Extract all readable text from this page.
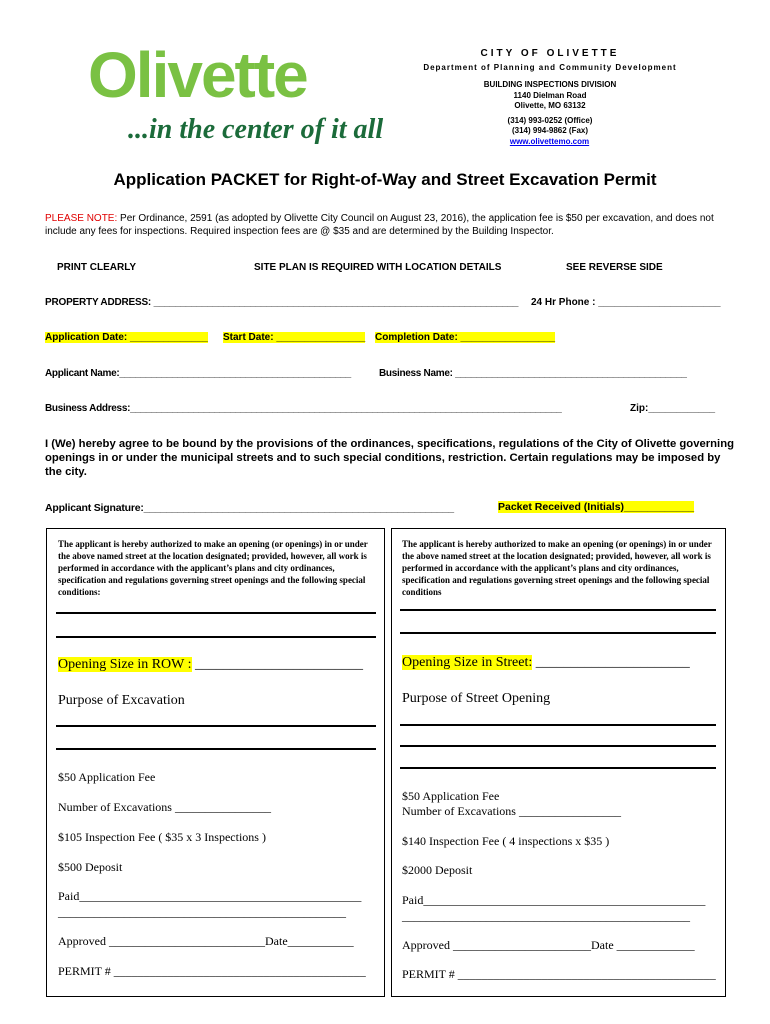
Olivette
...in the center of it all
CITY OF OLIVETTE
Department of Planning and Community Development
BUILDING INSPECTIONS DIVISION
1140 Dielman Road
Olivette, MO 63132
(314) 993-0252 (Office)
(314) 994-9862 (Fax)
www.olivettemo.com
Application PACKET for Right-of-Way and Street Excavation Permit
PLEASE NOTE: Per Ordinance, 2591 (as adopted by Olivette City Council on August 23, 2016), the application fee is $50 per excavation, and does not include any fees for inspections. Required inspection fees are @ $35 and are determined by the Building Inspector.
PRINT CLEARLY	SITE PLAN IS REQUIRED WITH LOCATION DETAILS	SEE REVERSE SIDE
PROPERTY ADDRESS: ____________________________________________________________________ 24 Hr Phone : ______________________
Application Date: ______________ Start Date: ________________ Completion Date: _________________
Applicant Name:____________________________________________	Business Name: ____________________________________________
Business Address:__________________________________________________________________________________	Zip:____________
I (We) hereby agree to be bound by the provisions of the ordinances, specifications, regulations of the City of Olivette governing openings in or under the municipal streets and to such special conditions, restriction. Certain regulations may be imposed by the city.
Applicant Signature:_______________________________________________________	Packet Received (Initials)____________
The applicant is hereby authorized to make an opening (or openings) in or under the above named street at the location designated; provided, however, all work is performed in accordance with the applicant’s plans and city ordinances, specification and regulations governing street openings and the following special conditions:
Opening Size in ROW : ________________________
Purpose of Excavation
$50 Application Fee
Number of Excavations ________________
$105 Inspection Fee ( $35 x 3 Inspections )
$500 Deposit
Paid_______________________________________________
________________________________________________
Approved __________________________Date___________
PERMIT # __________________________________________
The applicant is hereby authorized to make an opening (or openings) in or under the above named street at the location designated; provided, however, all work is performed in accordance with the applicant’s plans and city ordinances, specification and regulations governing street openings and the following special conditions
Opening Size in Street: ______________________
Purpose of Street Opening
$50 Application Fee
Number of Excavations _________________
$140 Inspection Fee ( 4 inspections x $35 )
$2000 Deposit
Paid_______________________________________________
________________________________________________
Approved _______________________Date _____________
PERMIT # ___________________________________________
